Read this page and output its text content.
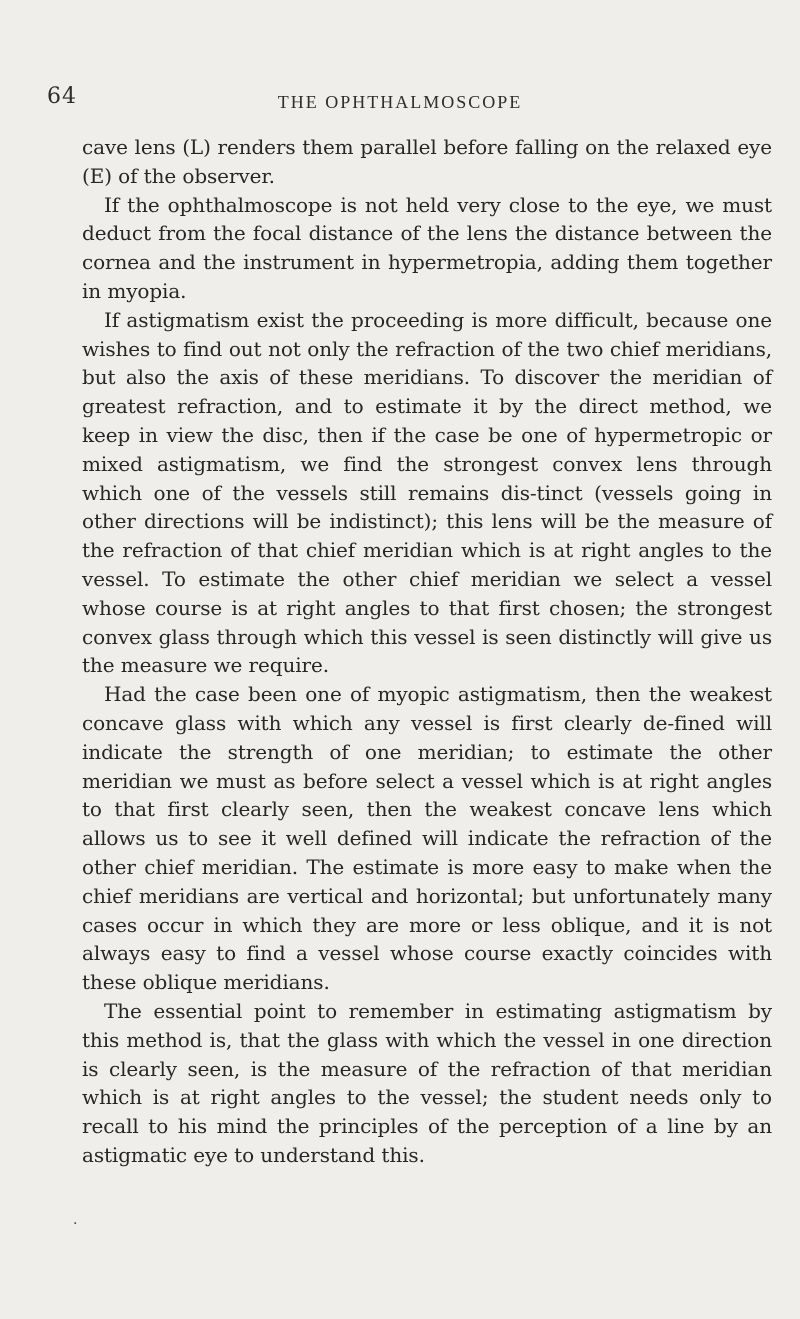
64	THE OPHTHALMOSCOPE

cave lens (L) renders them parallel before falling on the relaxed eye (E) of the observer.

If the ophthalmoscope is not held very close to the eye, we must deduct from the focal distance of the lens the distance between the cornea and the instrument in hypermetropia, adding them together in myopia.

If astigmatism exist the proceeding is more difficult, because one wishes to find out not only the refraction of the two chief meridians, but also the axis of these meridians. To discover the meridian of greatest refraction, and to estimate it by the direct method, we keep in view the disc, then if the case be one of hypermetropic or mixed astigmatism, we find the strongest convex lens through which one of the vessels still remains dis-tinct (vessels going in other directions will be indistinct); this lens will be the measure of the refraction of that chief meridian which is at right angles to the vessel. To estimate the other chief meridian we select a vessel whose course is at right angles to that first chosen; the strongest convex glass through which this vessel is seen distinctly will give us the measure we require.

Had the case been one of myopic astigmatism, then the weakest concave glass with which any vessel is first clearly de-fined will indicate the strength of one meridian; to estimate the other meridian we must as before select a vessel which is at right angles to that first clearly seen, then the weakest concave lens which allows us to see it well defined will indicate the refraction of the other chief meridian. The estimate is more easy to make when the chief meridians are vertical and horizontal; but unfortunately many cases occur in which they are more or less oblique, and it is not always easy to find a vessel whose course exactly coincides with these oblique meridians.

The essential point to remember in estimating astigmatism by this method is, that the glass with which the vessel in one direction is clearly seen, is the measure of the refraction of that meridian which is at right angles to the vessel; the student needs only to recall to his mind the principles of the perception of a line by an astigmatic eye to understand this.

.
